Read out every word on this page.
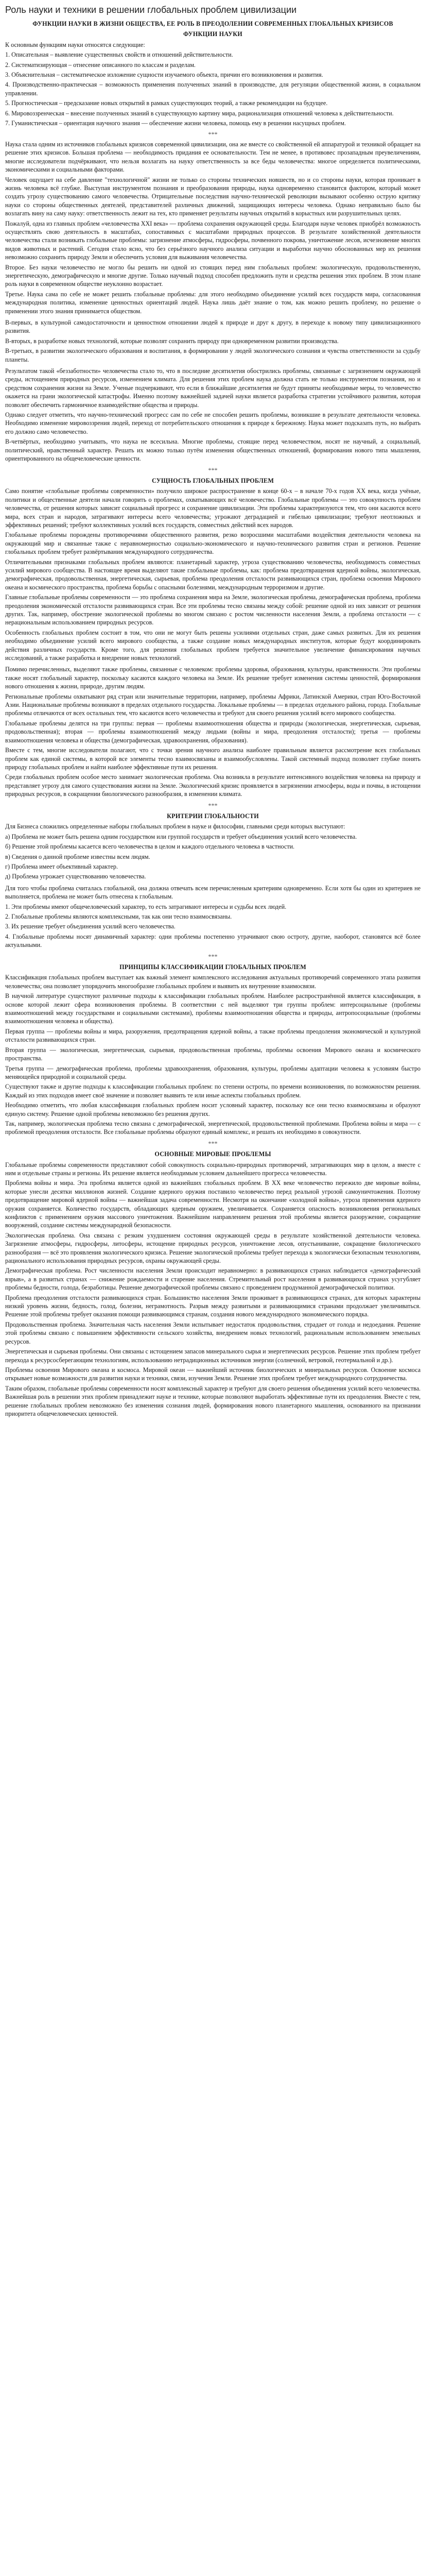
Роль науки и техники в решении глобальных проблем цивилизации
ФУНКЦИИ НАУКИ В ЖИЗНИ ОБЩЕСТВА, ЕЕ РОЛЬ В ПРЕОДОЛЕНИИ СОВРЕМЕННЫХ ГЛОБАЛЬНЫХ КРИЗИСОВ
ФУНКЦИИ НАУКИ

К основным функциям науки относятся следующие:

1. Описательная – выявление существенных свойств и отношений действительности.

2. Систематизирующая – отнесение описанного по классам и разделам.

3. Объяснительная – систематическое изложение сущности изучаемого объекта, причин его возникновения и развития.

4. Производственно-практическая – возможность применения полученных знаний в производстве, для регуляции общественной жизни, в социальном управлении.

5. Прогностическая – предсказание новых открытий в рамках существующих теорий, а также рекомендации на будущее.

6. Мировоззренческая – внесение полученных знаний в существующую картину мира, рационализация отношений человека к действительности.

7. Гуманистическая – ориентация научного знания — обеспечение жизни человека, помощь ему в решении насущных проблем.

***

Наука стала одним из источников глобальных кризисов современной цивилизации, она же вместе со свойственной ей аппаратурой и техникой обращает на решение этих кризисов. Большая проблема — необходимость придания ее основательности. Тем не менее, в противовес прозападным преувеличениям, многие исследователи подчёркивают, что нельзя возлагать на науку ответственность за все беды человечества: многое определяется политическими, экономическими и социальными факторами.

Человек ощущает на себе давление "технологичной" жизни не только со стороны технических новшеств, но и со стороны науки, которая проникает в жизнь человека всё глубже. Выступая инструментом познания и преобразования природы, наука одновременно становится фактором, который может создать угрозу существованию самого человечества. Отрицательные последствия научно-технической революции вызывают особенно острую критику науки со стороны общественных деятелей, представителей различных движений, защищающих интересы человека. Однако неправильно было бы возлагать вину на саму науку: ответственность лежит на тех, кто применяет результаты научных открытий в корыстных или разрушительных целях.

Пожалуй, одна из главных проблем «человечества XXI века» — проблема сохранения окружающей среды. Благодаря науке человек приобрёл возможность осуществлять свою деятельность в масштабах, сопоставимых с масштабами природных процессов. В результате хозяйственной деятельности человечества стали возникать глобальные проблемы: загрязнение атмосферы, гидросферы, почвенного покрова, уничтожение лесов, исчезновение многих видов животных и растений. Сегодня стало ясно, что без серьёзного научного анализа ситуации и выработки научно обоснованных мер их решения невозможно сохранить природу Земли и обеспечить условия для выживания человечества.

Второе. Без науки человечество не могло бы решить ни одной из стоящих перед ним глобальных проблем: экологическую, продовольственную, энергетическую, демографическую и многие другие. Только научный подход способен предложить пути и средства решения этих проблем. В этом плане роль науки в современном обществе неуклонно возрастает.

Третье. Наука сама по себе не может решить глобальные проблемы: для этого необходимо объединение усилий всех государств мира, согласованная международная политика, изменение ценностных ориентаций людей. Наука лишь даёт знание о том, как можно решить проблему, но решение о применении этого знания принимается обществом.

В-первых, в культурной самодостаточности и ценностном отношении людей к природе и друг к другу, в переходе к новому типу цивилизационного развития.

В-вторых, в разработке новых технологий, которые позволят сохранить природу при одновременном развитии производства.

В-третьих, в развитии экологического образования и воспитания, в формировании у людей экологического сознания и чувства ответственности за судьбу планеты.

Результатом такой «беззаботности» человечества стало то, что в последние десятилетия обострились проблемы, связанные с загрязнением окружающей среды, истощением природных ресурсов, изменением климата. Для решения этих проблем наука должна стать не только инструментом познания, но и средством сохранения жизни на Земле. Ученые подчеркивают, что если в ближайшие десятилетия не будут приняты необходимые меры, то человечество окажется на грани экологической катастрофы. Именно поэтому важнейшей задачей науки является разработка стратегии устойчивого развития, которая позволит обеспечить гармоничное взаимодействие общества и природы.

Однако следует отметить, что научно-технический прогресс сам по себе не способен решить проблемы, возникшие в результате деятельности человека. Необходимо изменение мировоззрения людей, переход от потребительского отношения к природе к бережному. Наука может подсказать путь, но выбрать его должно само человечество.

В-четвёртых, необходимо учитывать, что наука не всесильна. Многие проблемы, стоящие перед человечеством, носят не научный, а социальный, политический, нравственный характер. Решать их можно только путём изменения общественных отношений, формирования нового типа мышления, ориентированного на общечеловеческие ценности.

***
СУЩНОСТЬ ГЛОБАЛЬНЫХ ПРОБЛЕМ

Само понятие «глобальные проблемы современности» получило широкое распространение в конце 60-х – в начале 70-х годов XX века, когда учёные, политики и общественные деятели начали говорить о проблемах, охватывающих всё человечество. Глобальные проблемы — это совокупность проблем человечества, от решения которых зависит социальный прогресс и сохранение цивилизации. Эти проблемы характеризуются тем, что они касаются всего мира, всех стран и народов, затрагивают интересы всего человечества; угрожают деградацией и гибелью цивилизации; требуют неотложных и эффективных решений; требуют коллективных усилий всех государств, совместных действий всех народов.

Глобальные проблемы порождены противоречиями общественного развития, резко возросшими масштабами воздействия деятельности человека на окружающий мир и связанные также с неравномерностью социально-экономического и научно-технического развития стран и регионов. Решение глобальных проблем требует развёртывания международного сотрудничества.

Отличительными признаками глобальных проблем являются: планетарный характер, угроза существованию человечества, необходимость совместных усилий мирового сообщества. В настоящее время выделяют такие глобальные проблемы, как: проблема предотвращения ядерной войны, экологическая, демографическая, продовольственная, энергетическая, сырьевая, проблема преодоления отсталости развивающихся стран, проблема освоения Мирового океана и космического пространства, проблема борьбы с опасными болезнями, международным терроризмом и другие.

Главные глобальные проблемы современности — это проблема сохранения мира на Земле, экологическая проблема, демографическая проблема, проблема преодоления экономической отсталости развивающихся стран. Все эти проблемы тесно связаны между собой: решение одной из них зависит от решения других. Так, например, обострение экологической проблемы во многом связано с ростом численности населения Земли, а проблема отсталости — с нерациональным использованием природных ресурсов.

Особенность глобальных проблем состоит в том, что они не могут быть решены усилиями отдельных стран, даже самых развитых. Для их решения необходимо объединение усилий всего мирового сообщества, а также создание новых международных институтов, которые будут координировать действия различных государств. Кроме того, для решения глобальных проблем требуется значительное увеличение финансирования научных исследований, а также разработка и внедрение новых технологий.

Помимо перечисленных, выделяют также проблемы, связанные с человеком: проблемы здоровья, образования, культуры, нравственности. Эти проблемы также носят глобальный характер, поскольку касаются каждого человека на Земле. Их решение требует изменения системы ценностей, формирования нового отношения к жизни, природе, другим людям.

Региональные проблемы охватывают ряд стран или значительные территории, например, проблемы Африки, Латинской Америки, стран Юго-Восточной Азии. Национальные проблемы возникают в пределах отдельного государства. Локальные проблемы — в пределах отдельного района, города. Глобальные проблемы отличаются от всех остальных тем, что касаются всего человечества и требуют для своего решения усилий всего мирового сообщества.

Глобальные проблемы делятся на три группы: первая — проблемы взаимоотношения общества и природы (экологическая, энергетическая, сырьевая, продовольственная); вторая — проблемы взаимоотношений между людьми (войны и мира, преодоления отсталости); третья — проблемы взаимоотношения человека и общества (демографическая, здравоохранения, образования).

Вместе с тем, многие исследователи полагают, что с точки зрения научного анализа наиболее правильным является рассмотрение всех глобальных проблем как единой системы, в которой все элементы тесно взаимосвязаны и взаимообусловлены. Такой системный подход позволяет глубже понять природу глобальных проблем и найти наиболее эффективные пути их решения.

Среди глобальных проблем особое место занимает экологическая проблема. Она возникла в результате интенсивного воздействия человека на природу и представляет угрозу для самого существования жизни на Земле. Экологический кризис проявляется в загрязнении атмосферы, воды и почвы, в истощении природных ресурсов, в сокращении биологического разнообразия, в изменении климата.

***
КРИТЕРИИ ГЛОБАЛЬНОСТИ

Для Бизнеса сложились определенные наборы глобальных проблем в науке и философии, главными среди которых выступают:

а) Проблема не может быть решена одним государством или группой государств и требует объединения усилий всего человечества.

б) Решение этой проблемы касается всего человечества в целом и каждого отдельного человека в частности.

в) Сведения о данной проблеме известны всем людям.

г) Проблема имеет объективный характер.

д) Проблема угрожает существованию человечества.

Для того чтобы проблема считалась глобальной, она должна отвечать всем перечисленным критериям одновременно. Если хотя бы один из критериев не выполняется, проблема не может быть отнесена к глобальным.

1. Эти проблемы имеют общечеловеческий характер, то есть затрагивают интересы и судьбы всех людей.

2. Глобальные проблемы являются комплексными, так как они тесно взаимосвязаны.

3. Их решение требует объединения усилий всего человечества.

4. Глобальные проблемы носят динамичный характер: одни проблемы постепенно утрачивают свою остроту, другие, наоборот, становятся всё более актуальными.

***
ПРИНЦИПЫ КЛАССИФИКАЦИИ ГЛОБАЛЬНЫХ ПРОБЛЕМ

Классификация глобальных проблем выступает как важный элемент комплексного исследования актуальных противоречий современного этапа развития человечества; она позволяет упорядочить многообразие глобальных проблем и выявить их внутренние взаимосвязи.

В научной литературе существуют различные подходы к классификации глобальных проблем. Наиболее распространённой является классификация, в основе которой лежит сфера возникновения проблемы. В соответствии с ней выделяют три группы проблем: интерсоциальные (проблемы взаимоотношений между государствами и социальными системами), проблемы взаимоотношения общества и природы, антропосоциальные (проблемы взаимоотношения человека и общества).

Первая группа — проблемы войны и мира, разоружения, предотвращения ядерной войны, а также проблемы преодоления экономической и культурной отсталости развивающихся стран.

Вторая группа — экологическая, энергетическая, сырьевая, продовольственная проблемы, проблемы освоения Мирового океана и космического пространства.

Третья группа — демографическая проблема, проблемы здравоохранения, образования, культуры, проблемы адаптации человека к условиям быстро меняющейся природной и социальной среды.

Существуют также и другие подходы к классификации глобальных проблем: по степени остроты, по времени возникновения, по возможностям решения. Каждый из этих подходов имеет своё значение и позволяет выявить те или иные аспекты глобальных проблем.

Необходимо отметить, что любая классификация глобальных проблем носит условный характер, поскольку все они тесно взаимосвязаны и образуют единую систему. Решение одной проблемы невозможно без решения других.

Так, например, экологическая проблема тесно связана с демографической, энергетической, продовольственной проблемами. Проблема войны и мира — с проблемой преодоления отсталости. Все глобальные проблемы образуют единый комплекс, и решать их необходимо в совокупности.

***
ОСНОВНЫЕ МИРОВЫЕ ПРОБЛЕМЫ

Глобальные проблемы современности представляют собой совокупность социально-природных противоречий, затрагивающих мир в целом, а вместе с ним и отдельные страны и регионы. Их решение является необходимым условием дальнейшего прогресса человечества.

Проблема войны и мира. Эта проблема является одной из важнейших глобальных проблем. В XX веке человечество пережило две мировые войны, которые унесли десятки миллионов жизней. Создание ядерного оружия поставило человечество перед реальной угрозой самоуничтожения. Поэтому предотвращение мировой ядерной войны — важнейшая задача современности. Несмотря на окончание «холодной войны», угроза применения ядерного оружия сохраняется. Количество государств, обладающих ядерным оружием, увеличивается. Сохраняется опасность возникновения региональных конфликтов с применением оружия массового уничтожения. Важнейшим направлением решения этой проблемы является разоружение, сокращение вооружений, создание системы международной безопасности.

Экологическая проблема. Она связана с резким ухудшением состояния окружающей среды в результате хозяйственной деятельности человека. Загрязнение атмосферы, гидросферы, литосферы, истощение природных ресурсов, уничтожение лесов, опустынивание, сокращение биологического разнообразия — всё это проявления экологического кризиса. Решение экологической проблемы требует перехода к экологически безопасным технологиям, рационального использования природных ресурсов, охраны окружающей среды.

Демографическая проблема. Рост численности населения Земли происходит неравномерно: в развивающихся странах наблюдается «демографический взрыв», а в развитых странах — снижение рождаемости и старение населения. Стремительный рост населения в развивающихся странах усугубляет проблемы бедности, голода, безработицы. Решение демографической проблемы связано с проведением продуманной демографической политики.

Проблема преодоления отсталости развивающихся стран. Большинство населения Земли проживает в развивающихся странах, для которых характерны низкий уровень жизни, бедность, голод, болезни, неграмотность. Разрыв между развитыми и развивающимися странами продолжает увеличиваться. Решение этой проблемы требует оказания помощи развивающимся странам, создания нового международного экономического порядка.

Продовольственная проблема. Значительная часть населения Земли испытывает недостаток продовольствия, страдает от голода и недоедания. Решение этой проблемы связано с повышением эффективности сельского хозяйства, внедрением новых технологий, рациональным использованием земельных ресурсов.

Энергетическая и сырьевая проблемы. Они связаны с истощением запасов минерального сырья и энергетических ресурсов. Решение этих проблем требует перехода к ресурсосберегающим технологиям, использованию нетрадиционных источников энергии (солнечной, ветровой, геотермальной и др.).

Проблемы освоения Мирового океана и космоса. Мировой океан — важнейший источник биологических и минеральных ресурсов. Освоение космоса открывает новые возможности для развития науки и техники, связи, изучения Земли. Решение этих проблем требует международного сотрудничества.

Таким образом, глобальные проблемы современности носят комплексный характер и требуют для своего решения объединения усилий всего человечества. Важнейшая роль в решении этих проблем принадлежит науке и технике, которые позволяют выработать эффективные пути их преодоления. Вместе с тем, решение глобальных проблем невозможно без изменения сознания людей, формирования нового планетарного мышления, основанного на признании приоритета общечеловеческих ценностей.
